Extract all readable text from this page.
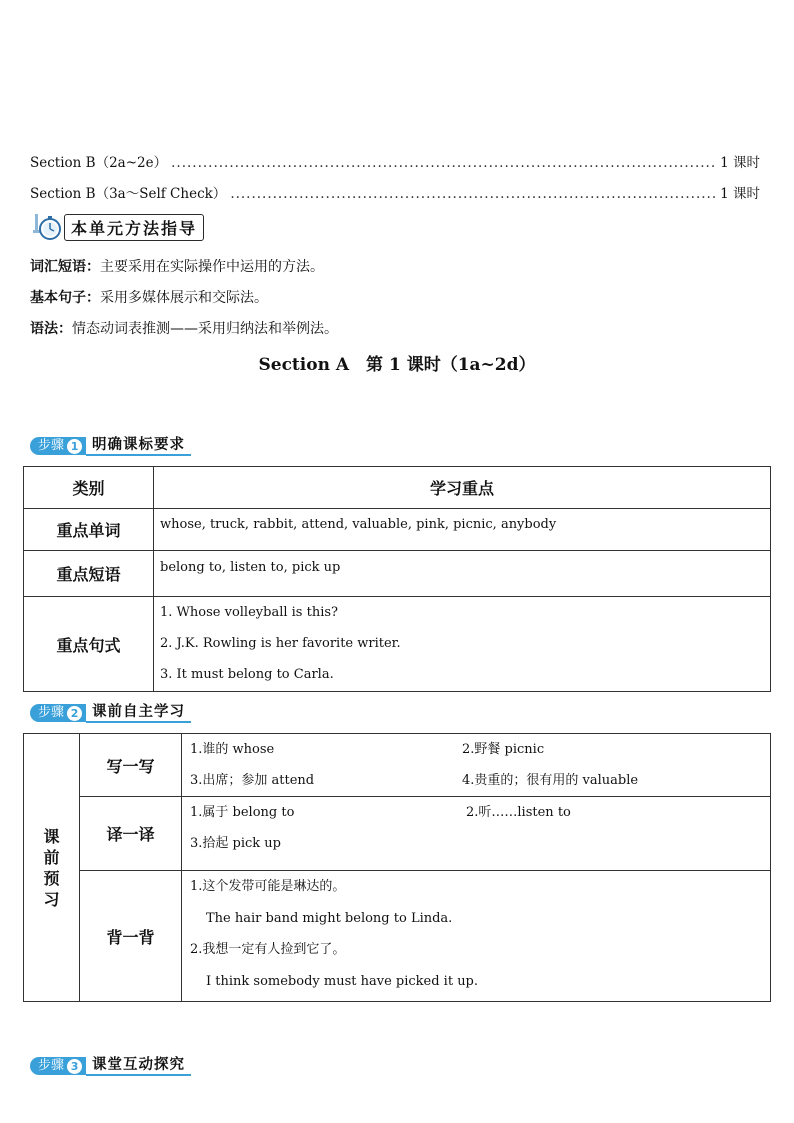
Section B（2a~2e） .....	1 课时
Section B（3a～Self Check） .....	1 课时
本单元方法指导
词汇短语：主要采用在实际操作中运用的方法。
基本句子：采用多媒体展示和交际法。
语法：情态动词表推测——采用归纳法和举例法。
Section A　第 1 课时（1a~2d）
步骤 1 明确课标要求
类别	学习重点
重点单词	whose, truck, rabbit, attend, valuable, pink, picnic, anybody

重点短语	belong to, listen to, pick up

重点句式	1. Whose volleyball is this?
2. J.K. Rowling is her favorite writer.
3. It must belong to Carla.
步骤 2 课前自主学习
课前预习	写一写	1.谁的 whose 2.野餐 picnic
3.出席；参加 attend 4.贵重的；很有用的 valuable

	译一译	1.属于 belong to 2.听……listen to
3.拾起 pick up

	背一背	1.这个发带可能是琳达的。
The hair band might belong to Linda.
2.我想一定有人捡到它了。
I think somebody must have picked it up.
步骤 3 课堂互动探究
